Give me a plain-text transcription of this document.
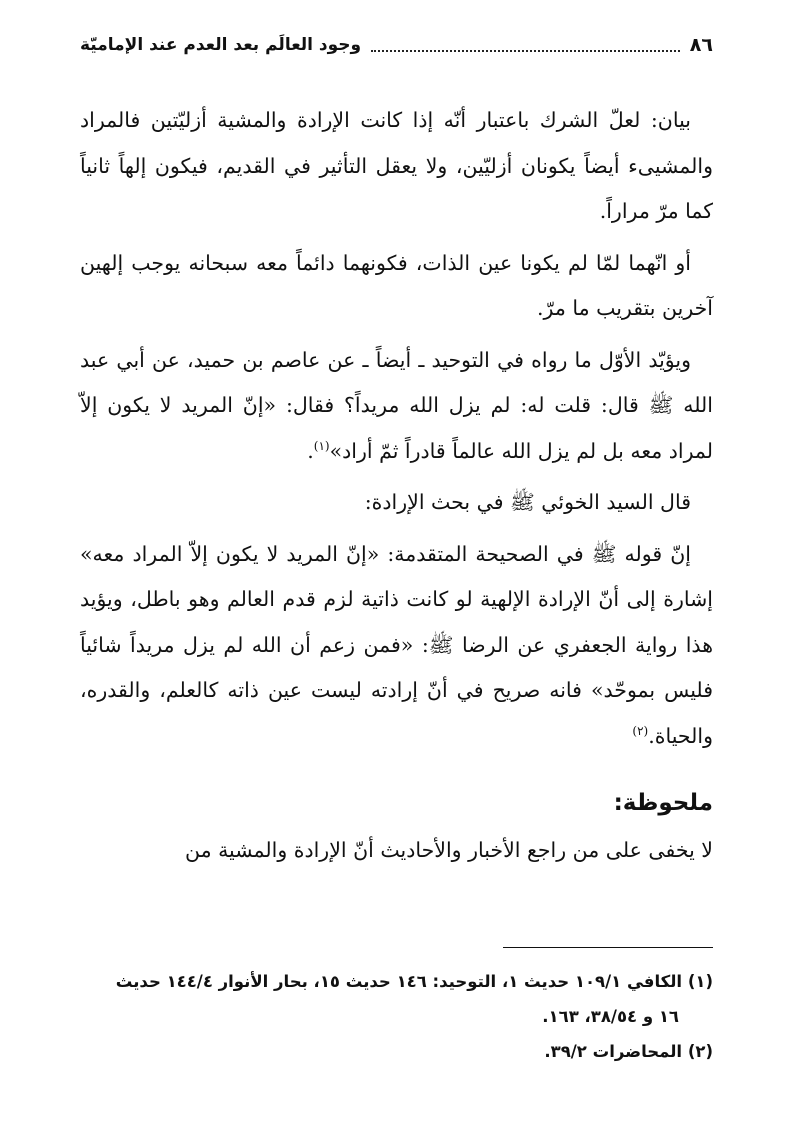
٨٦
وجود العالَم بعد العدم عند الإماميّة

بيان: لعلّ الشرك باعتبار أنّه إذا كانت الإرادة والمشية أزليّتين فالمراد والمشيىء أيضاً يكونان أزليّين، ولا يعقل التأثير في القديم، فيكون إلهاً ثانياً كما مرّ مراراً.

أو انّهما لمّا لم يكونا عين الذات، فكونهما دائماً معه سبحانه يوجب إلهين آخرين بتقريب ما مرّ.

ويؤيّد الأوّل ما رواه في التوحيد ـ أيضاً ـ عن عاصم بن حميد، عن أبي عبد الله ﷺ قال: قلت له: لم يزل الله مريداً؟ فقال: «إنّ المريد لا يكون إلاّ لمراد معه بل لم يزل الله عالماً قادراً ثمّ أراد»$^{(١)}$.

قال السيد الخوئي ﷺ في بحث الإرادة:

إنّ قوله ﷺ في الصحيحة المتقدمة: «إنّ المريد لا يكون إلاّ المراد معه» إشارة إلى أنّ الإرادة الإلهية لو كانت ذاتية لزم قدم العالم وهو باطل، ويؤيد هذا رواية الجعفري عن الرضا ﷺ: «فمن زعم أن الله لم يزل مريداً شائياً فليس بموحّد» فانه صريح في أنّ إرادته ليست عين ذاته كالعلم، والقدره، والحياة.$^{(٢)}$

ملحوظة:
لا يخفى على من راجع الأخبار والأحاديث أنّ الإرادة والمشية من

(١) الكافي ١٠٩/١ حديث ١، التوحيد: ١٤٦ حديث ١٥، بحار الأنوار ١٤٤/٤ حديث

١٦ و ٣٨/٥٤، ١٦٣.

(٢) المحاضرات ٣٩/٢.
